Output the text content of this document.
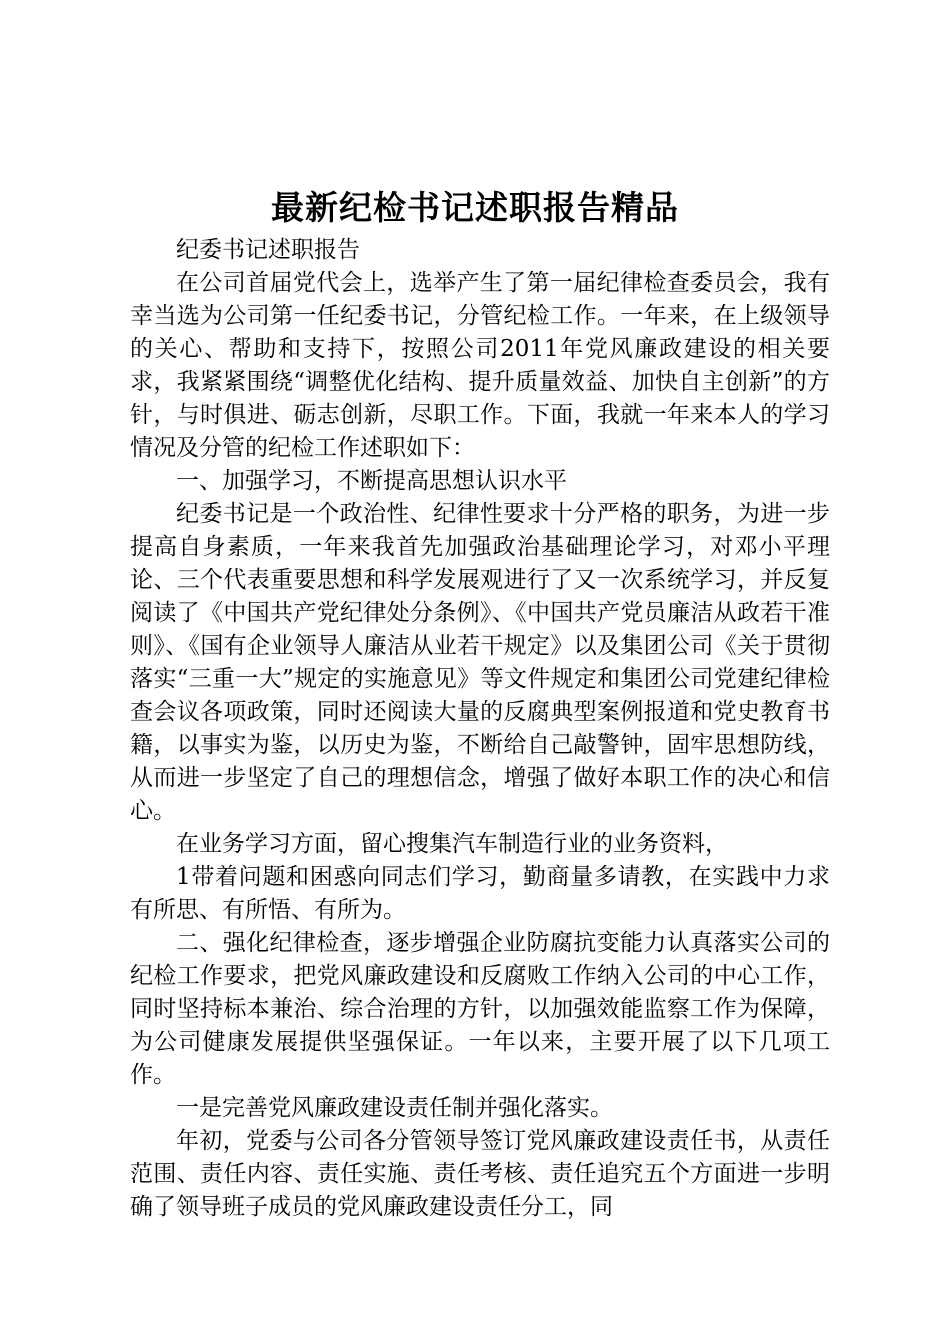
最新纪检书记述职报告精品

纪委书记述职报告

在公司首届党代会上，选举产生了第一届纪律检查委员会，我有幸当选为公司第一任纪委书记，分管纪检工作。一年来，在上级领导的关心、帮助和支持下，按照公司2011年党风廉政建设的相关要求，我紧紧围绕“调整优化结构、提升质量效益、加快自主创新”的方针，与时俱进、砺志创新，尽职工作。下面，我就一年来本人的学习情况及分管的纪检工作述职如下：

一、加强学习，不断提高思想认识水平

纪委书记是一个政治性、纪律性要求十分严格的职务，为进一步提高自身素质，一年来我首先加强政治基础理论学习，对邓小平理论、三个代表重要思想和科学发展观进行了又一次系统学习，并反复阅读了《中国共产党纪律处分条例》、《中国共产党员廉洁从政若干准则》、《国有企业领导人廉洁从业若干规定》以及集团公司《关于贯彻落实“三重一大”规定的实施意见》等文件规定和集团公司党建纪律检查会议各项政策，同时还阅读大量的反腐典型案例报道和党史教育书籍，以事实为鉴，以历史为鉴，不断给自己敲警钟，固牢思想防线，从而进一步坚定了自己的理想信念，增强了做好本职工作的决心和信心。

在业务学习方面，留心搜集汽车制造行业的业务资料，

1带着问题和困惑向同志们学习，勤商量多请教，在实践中力求有所思、有所悟、有所为。

二、强化纪律检查，逐步增强企业防腐抗变能力认真落实公司的纪检工作要求，把党风廉政建设和反腐败工作纳入公司的中心工作，同时坚持标本兼治、综合治理的方针，以加强效能监察工作为保障，为公司健康发展提供坚强保证。一年以来，主要开展了以下几项工作。

一是完善党风廉政建设责任制并强化落实。

年初，党委与公司各分管领导签订党风廉政建设责任书，从责任范围、责任内容、责任实施、责任考核、责任追究五个方面进一步明确了领导班子成员的党风廉政建设责任分工，同
